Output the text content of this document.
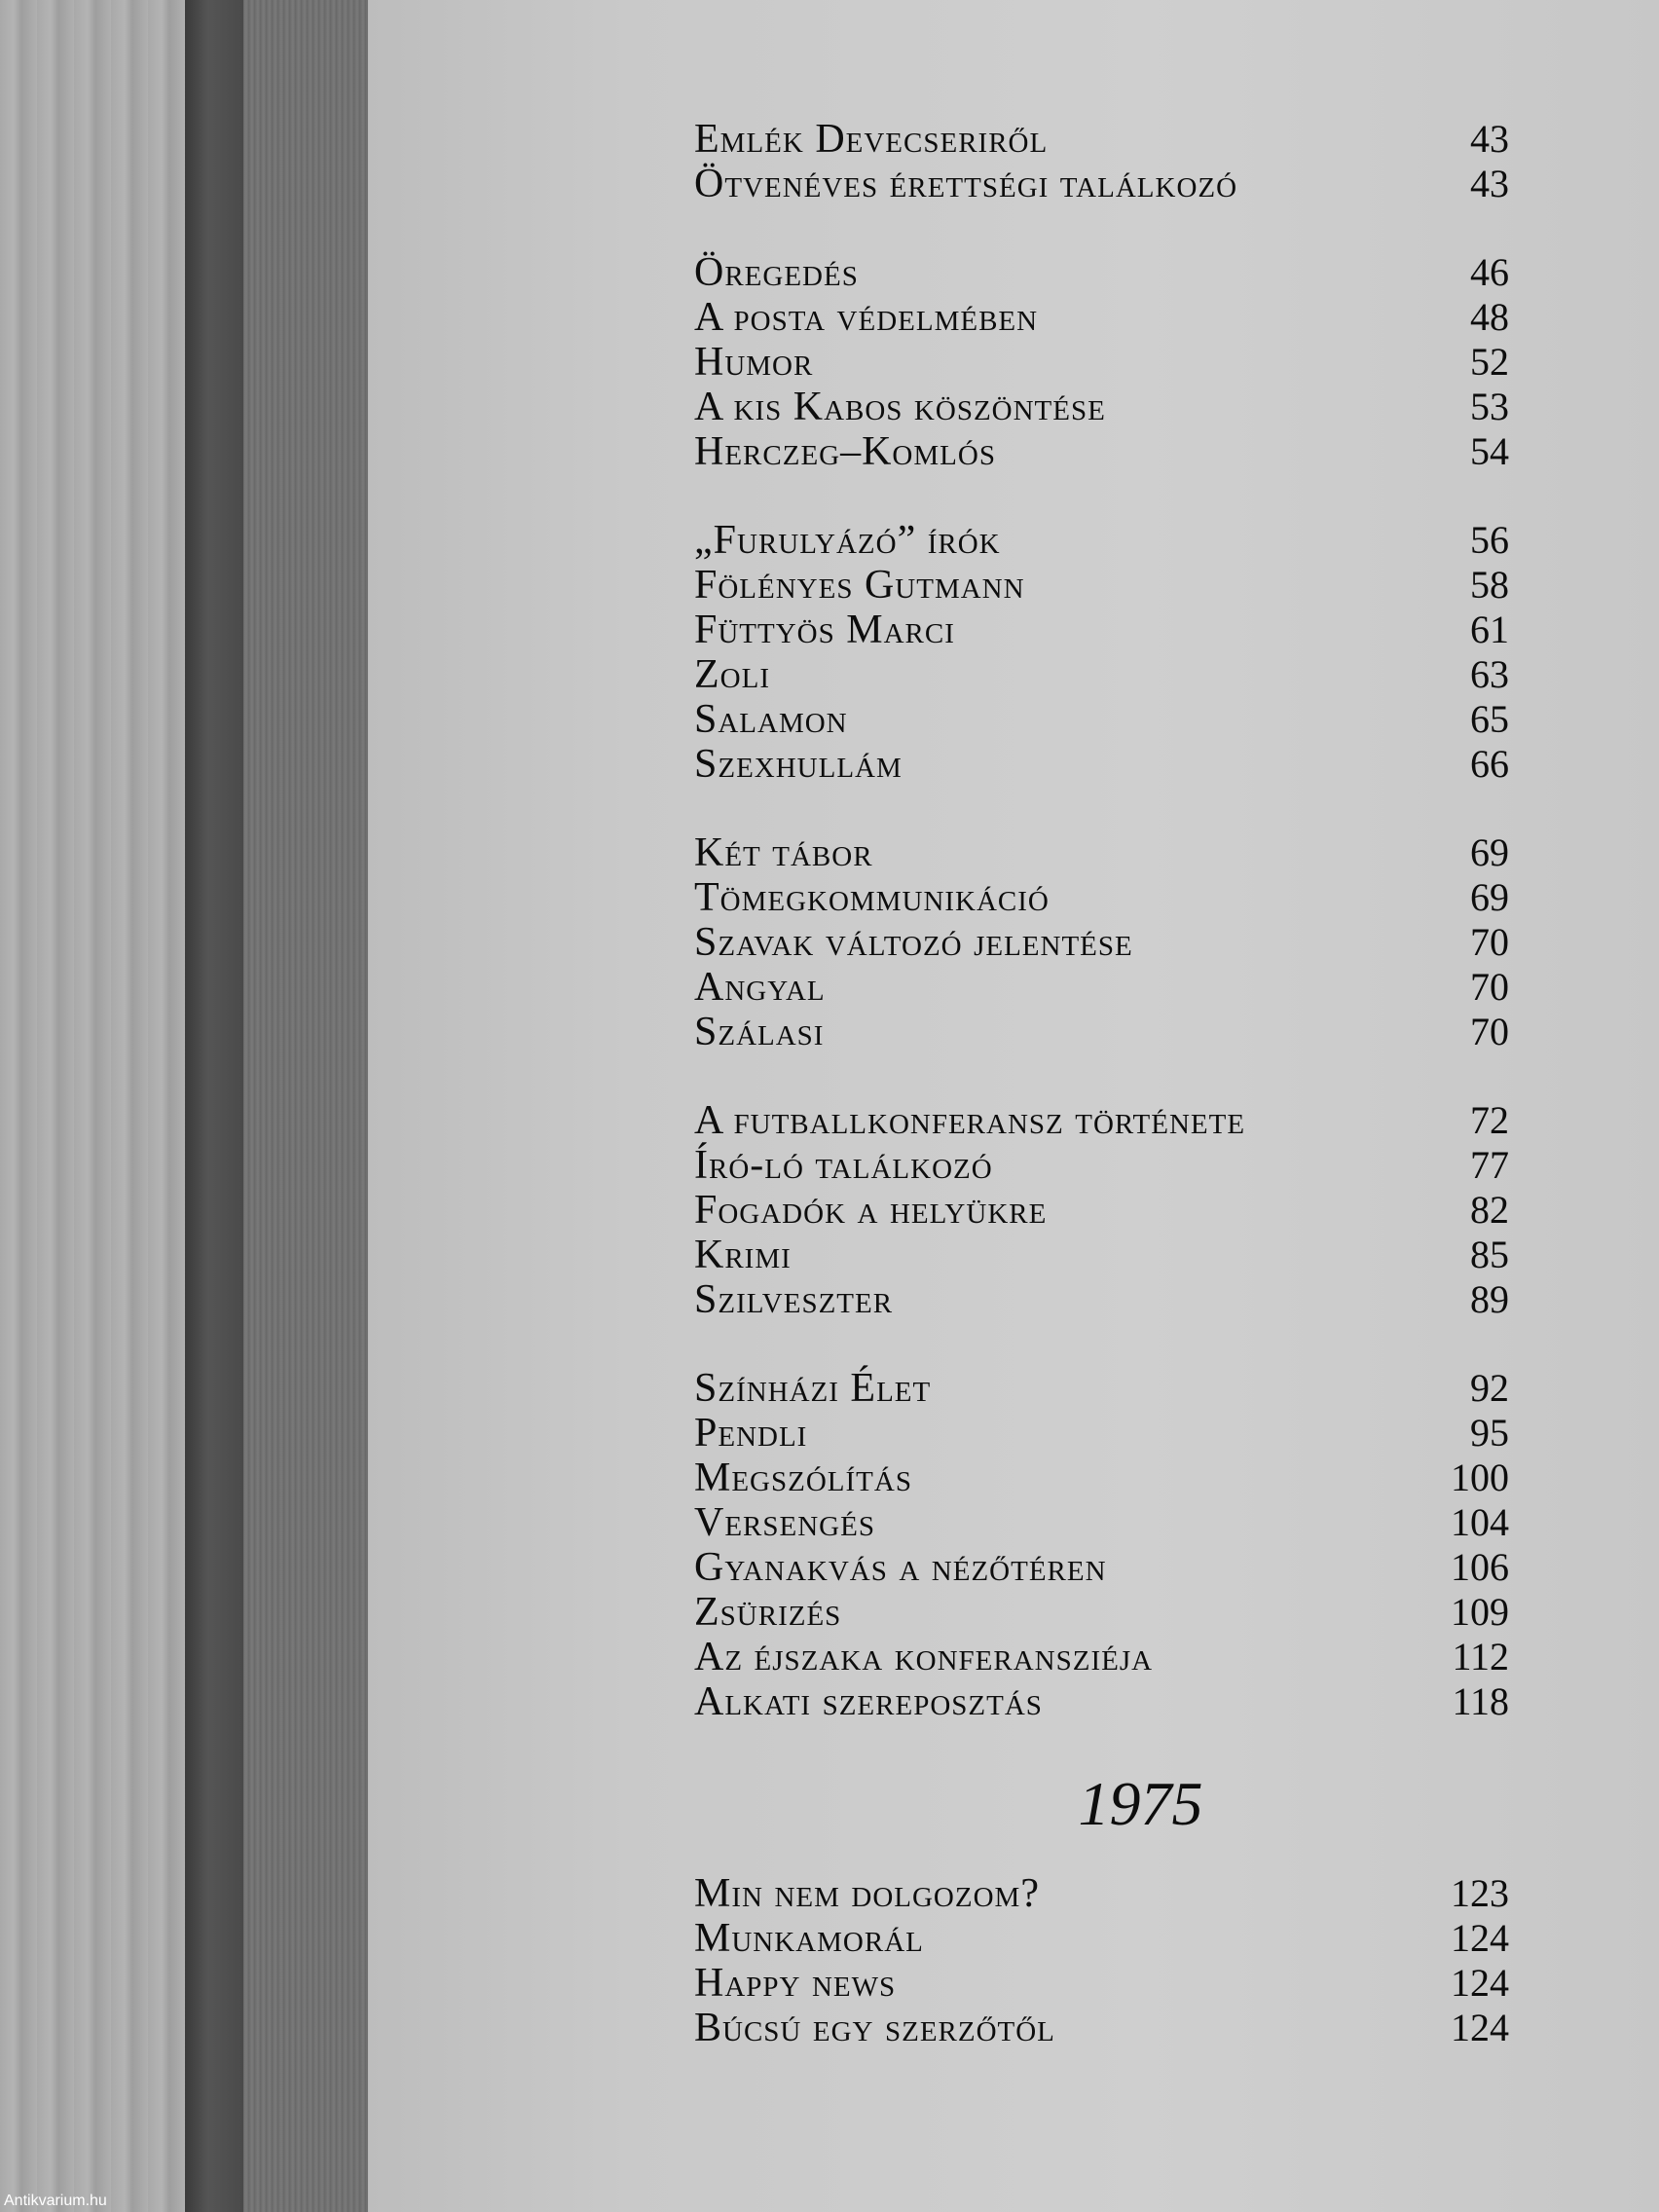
Emlék Devecseriről	43
Ötvenéves érettségi találkozó	43
Öregedés	46
A posta védelmében	48
Humor	52
A kis Kabos köszöntése	53
Herczeg–Komlós	54
„Furulyázó” írók	56
Fölényes Gutmann	58
Füttyös Marci	61
Zoli	63
Salamon	65
Szexhullám	66
Két tábor	69
Tömegkommunikáció	69
Szavak változó jelentése	70
Angyal	70
Szálasi	70
A futballkonferansz története	72
Író-ló találkozó	77
Fogadók a helyükre	82
Krimi	85
Szilveszter	89
Színházi Élet	92
Pendli	95
Megszólítás	100
Versengés	104
Gyanakvás a nézőtéren	106
Zsürizés	109
Az éjszaka konferansziéja	112
Alkati szereposztás	118
1975
Min nem dolgozom?	123
Munkamorál	124
Happy news	124
Búcsú egy szerzőtől	124
Antikvarium.hu
